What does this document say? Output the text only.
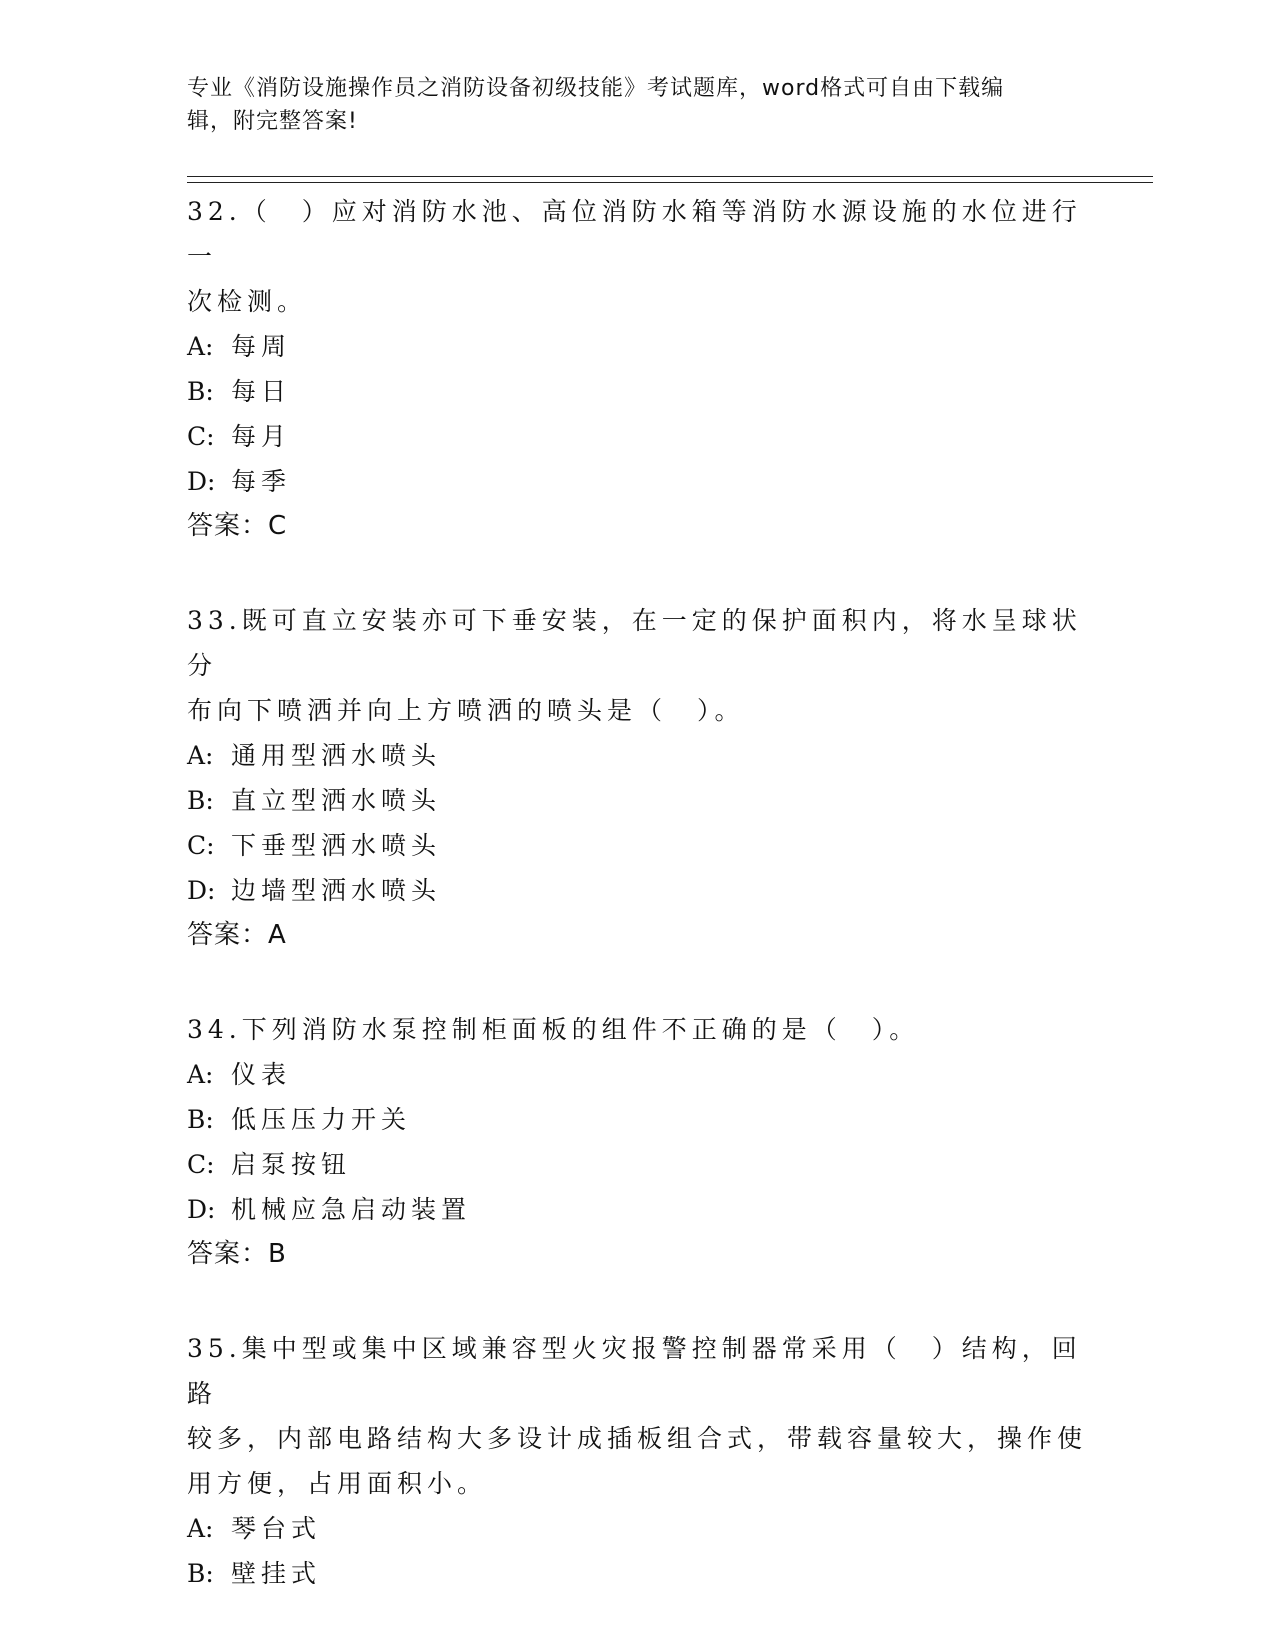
专业《消防设施操作员之消防设备初级技能》考试题库，word格式可自由下载编
辑，附完整答案!
32.（　）应对消防水池、高位消防水箱等消防水源设施的水位进行一
次检测。
A: 每周
B: 每日
C: 每月
D: 每季
答案：C
33.既可直立安装亦可下垂安装，在一定的保护面积内，将水呈球状分
布向下喷洒并向上方喷洒的喷头是（　）。
A: 通用型洒水喷头
B: 直立型洒水喷头
C: 下垂型洒水喷头
D: 边墙型洒水喷头
答案：A
34.下列消防水泵控制柜面板的组件不正确的是（　）。
A: 仪表
B: 低压压力开关
C: 启泵按钮
D: 机械应急启动装置
答案：B
35.集中型或集中区域兼容型火灾报警控制器常采用（　）结构，回路
较多，内部电路结构大多设计成插板组合式，带载容量较大，操作使
用方便，占用面积小。
A: 琴台式
B: 壁挂式
